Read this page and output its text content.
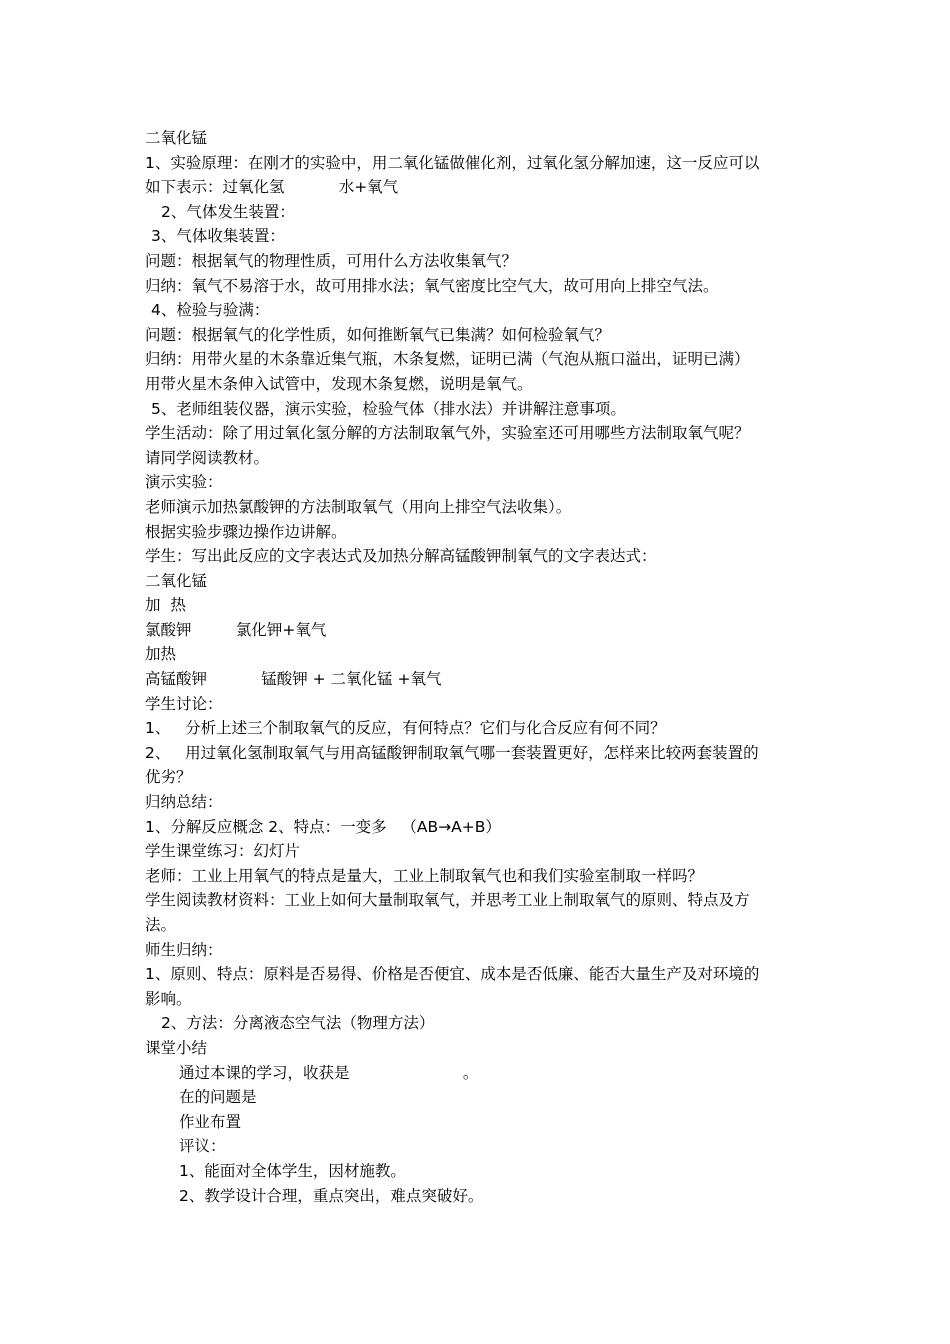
二氧化锰
1、实验原理：在刚才的实验中，用二氧化锰做催化剂，过氧化氢分解加速，这一反应可以
如下表示：过氧化氢           水+氧气
2、气体发生装置：
3、气体收集装置：
问题：根据氧气的物理性质，可用什么方法收集氧气？
归纳：氧气不易溶于水，故可用排水法；氧气密度比空气大，故可用向上排空气法。
4、检验与验满：
问题：根据氧气的化学性质，如何推断氧气已集满？如何检验氧气？
归纳：用带火星的木条靠近集气瓶，木条复燃，证明已满（气泡从瓶口溢出，证明已满）
用带火星木条伸入试管中，发现木条复燃，说明是氧气。
5、老师组装仪器，演示实验，检验气体（排水法）并讲解注意事项。
学生活动：除了用过氧化氢分解的方法制取氧气外，实验室还可用哪些方法制取氧气呢？
请同学阅读教材。
演示实验：
老师演示加热氯酸钾的方法制取氧气（用向上排空气法收集）。
根据实验步骤边操作边讲解。
学生：写出此反应的文字表达式及加热分解高锰酸钾制氧气的文字表达式：
二氧化锰
加  热
氯酸钾         氯化钾+氧气
加热
高锰酸钾           锰酸钾 + 二氧化锰 +氧气
学生讨论：
1、   分析上述三个制取氧气的反应，有何特点？它们与化合反应有何不同？
2、   用过氧化氢制取氧气与用高锰酸钾制取氧气哪一套装置更好，怎样来比较两套装置的
优劣？
归纳总结：
1、分解反应概念 2、特点：一变多   （AB→A+B）
学生课堂练习：幻灯片
老师：工业上用氧气的特点是量大，工业上制取氧气也和我们实验室制取一样吗？
学生阅读教材资料：工业上如何大量制取氧气，并思考工业上制取氧气的原则、特点及方
法。
师生归纳：
1、原则、特点：原料是否易得、价格是否便宜、成本是否低廉、能否大量生产及对环境的
影响。
2、方法：分离液态空气法（物理方法）
课堂小结
通过本课的学习，收获是                       。
在的问题是
作业布置
评议：
1、能面对全体学生，因材施教。
2、教学设计合理，重点突出，难点突破好。
